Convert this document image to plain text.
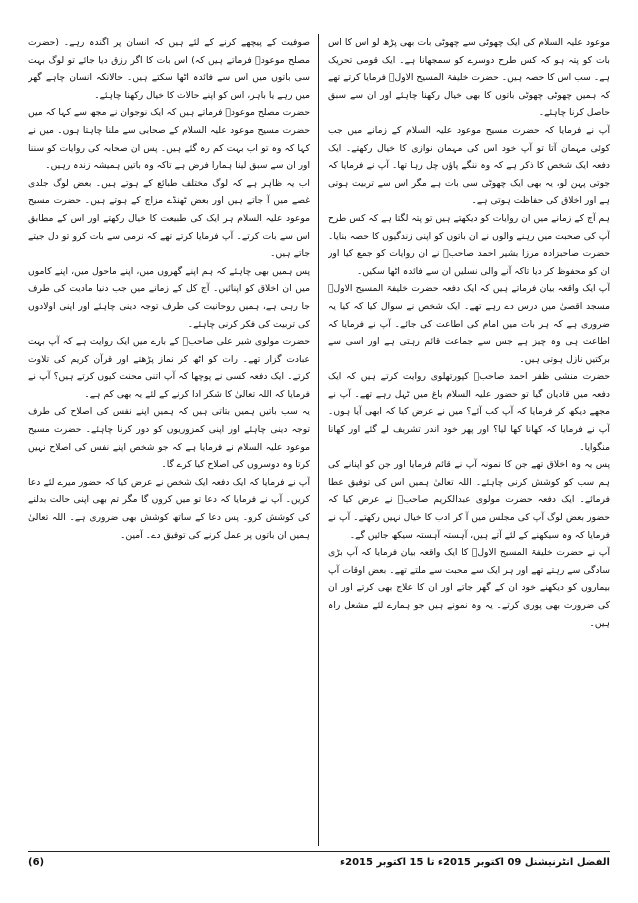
موعود علیہ السلام کی ایک چھوٹی سے چھوٹی بات بھی پڑھ لو اس کا اس بات کو پتہ ہو کہ کس طرح دوسرے کو سمجھانا ہے۔ ایک قومی تحریک ہے۔ سب اس کا حصہ ہیں۔ حضرت خلیفۃ المسیح الاولؓ فرمایا کرتے تھے کہ ہمیں چھوٹی چھوٹی باتوں کا بھی خیال رکھنا چاہئے اور ان سے سبق حاصل کرنا چاہئے۔

آپ نے فرمایا کہ حضرت مسیح موعود علیہ السلام کے زمانے میں جب کوئی مہمان آتا تو آپ خود اس کی مہمان نوازی کا خیال رکھتے۔ ایک دفعہ ایک شخص کا ذکر ہے کہ وہ ننگے پاؤں چل رہا تھا۔ آپ نے فرمایا کہ جوتی پہن لو، یہ بھی ایک چھوٹی سی بات ہے مگر اس سے تربیت ہوتی ہے اور اخلاق کی حفاظت ہوتی ہے۔

ہم آج کے زمانے میں ان روایات کو دیکھتے ہیں تو پتہ لگتا ہے کہ کس طرح آپ کی صحبت میں رہنے والوں نے ان باتوں کو اپنی زندگیوں کا حصہ بنایا۔ حضرت صاحبزادہ مرزا بشیر احمد صاحبؓ نے ان روایات کو جمع کیا اور ان کو محفوظ کر دیا تاکہ آنے والی نسلیں ان سے فائدہ اٹھا سکیں۔

آپ ایک واقعہ بیان فرماتے ہیں کہ ایک دفعہ حضرت خلیفۃ المسیح الاولؓ مسجد اقصیٰ میں درس دے رہے تھے۔ ایک شخص نے سوال کیا کہ کیا یہ ضروری ہے کہ ہر بات میں امام کی اطاعت کی جائے۔ آپ نے فرمایا کہ اطاعت ہی وہ چیز ہے جس سے جماعت قائم رہتی ہے اور اسی سے برکتیں نازل ہوتی ہیں۔

حضرت منشی ظفر احمد صاحبؓ کپورتھلوی روایت کرتے ہیں کہ ایک دفعہ میں قادیان گیا تو حضور علیہ السلام باغ میں ٹہل رہے تھے۔ آپ نے مجھے دیکھ کر فرمایا کہ آپ کب آئے؟ میں نے عرض کیا کہ ابھی آیا ہوں۔ آپ نے فرمایا کہ کھانا کھا لیا؟ اور پھر خود اندر تشریف لے گئے اور کھانا منگوایا۔

پس یہ وہ اخلاق تھے جن کا نمونہ آپ نے قائم فرمایا اور جن کو اپنانے کی ہم سب کو کوشش کرنی چاہئے۔ اللہ تعالیٰ ہمیں اس کی توفیق عطا فرمائے۔ ایک دفعہ حضرت مولوی عبدالکریم صاحبؓ نے عرض کیا کہ حضور بعض لوگ آپ کی مجلس میں آ کر ادب کا خیال نہیں رکھتے۔ آپ نے فرمایا کہ وہ سیکھنے کے لئے آتے ہیں، آہستہ آہستہ سیکھ جائیں گے۔

آپ نے حضرت خلیفۃ المسیح الاولؓ کا ایک واقعہ بیان فرمایا کہ آپ بڑی سادگی سے رہتے تھے اور ہر ایک سے محبت سے ملتے تھے۔ بعض اوقات آپ بیماروں کو دیکھنے خود ان کے گھر جاتے اور ان کا علاج بھی کرتے اور ان کی ضرورت بھی پوری کرتے۔ یہ وہ نمونے ہیں جو ہمارے لئے مشعل راہ ہیں۔

صوفیت کے پیچھے کرنے کے لئے ہیں کہ انسان پر اگندہ رہے۔ (حضرت مصلح موعودؓ فرماتے ہیں کہ) اس بات کا اگر رزق دیا جائے تو لوگ بہت سی باتوں میں اس سے فائدہ اٹھا سکتے ہیں۔ حالانکہ انسان چاہے گھر میں رہے یا باہر، اس کو اپنے حالات کا خیال رکھنا چاہئے۔

حضرت مصلح موعودؓ فرماتے ہیں کہ ایک نوجوان نے مجھ سے کہا کہ میں حضرت مسیح موعود علیہ السلام کے صحابی سے ملنا چاہتا ہوں۔ میں نے کہا کہ وہ تو اب بہت کم رہ گئے ہیں۔ پس ان صحابہ کی روایات کو سننا اور ان سے سبق لینا ہمارا فرض ہے تاکہ وہ باتیں ہمیشہ زندہ رہیں۔

اب یہ ظاہر ہے کہ لوگ مختلف طبائع کے ہوتے ہیں۔ بعض لوگ جلدی غصے میں آ جاتے ہیں اور بعض ٹھنڈے مزاج کے ہوتے ہیں۔ حضرت مسیح موعود علیہ السلام ہر ایک کی طبیعت کا خیال رکھتے اور اس کے مطابق اس سے بات کرتے۔ آپ فرمایا کرتے تھے کہ نرمی سے بات کرو تو دل جیتے جاتے ہیں۔

پس ہمیں بھی چاہئے کہ ہم اپنے گھروں میں، اپنے ماحول میں، اپنے کاموں میں ان اخلاق کو اپنائیں۔ آج کل کے زمانے میں جب دنیا مادیت کی طرف جا رہی ہے، ہمیں روحانیت کی طرف توجہ دینی چاہئے اور اپنی اولادوں کی تربیت کی فکر کرنی چاہئے۔

حضرت مولوی شیر علی صاحبؓ کے بارے میں ایک روایت ہے کہ آپ بہت عبادت گزار تھے۔ رات کو اٹھ کر نماز پڑھتے اور قرآن کریم کی تلاوت کرتے۔ ایک دفعہ کسی نے پوچھا کہ آپ اتنی محنت کیوں کرتے ہیں؟ آپ نے فرمایا کہ اللہ تعالیٰ کا شکر ادا کرنے کے لئے یہ بھی کم ہے۔

یہ سب باتیں ہمیں بتاتی ہیں کہ ہمیں اپنے نفس کی اصلاح کی طرف توجہ دینی چاہئے اور اپنی کمزوریوں کو دور کرنا چاہئے۔ حضرت مسیح موعود علیہ السلام نے فرمایا ہے کہ جو شخص اپنے نفس کی اصلاح نہیں کرتا وہ دوسروں کی اصلاح کیا کرے گا۔

آپ نے فرمایا کہ ایک دفعہ ایک شخص نے عرض کیا کہ حضور میرے لئے دعا کریں۔ آپ نے فرمایا کہ دعا تو میں کروں گا مگر تم بھی اپنی حالت بدلنے کی کوشش کرو۔ پس دعا کے ساتھ کوشش بھی ضروری ہے۔ اللہ تعالیٰ ہمیں ان باتوں پر عمل کرنے کی توفیق دے۔ آمین۔

الفضل انٹرنیشنل 09 اکتوبر 2015ء تا 15 اکتوبر 2015ء
(6)
